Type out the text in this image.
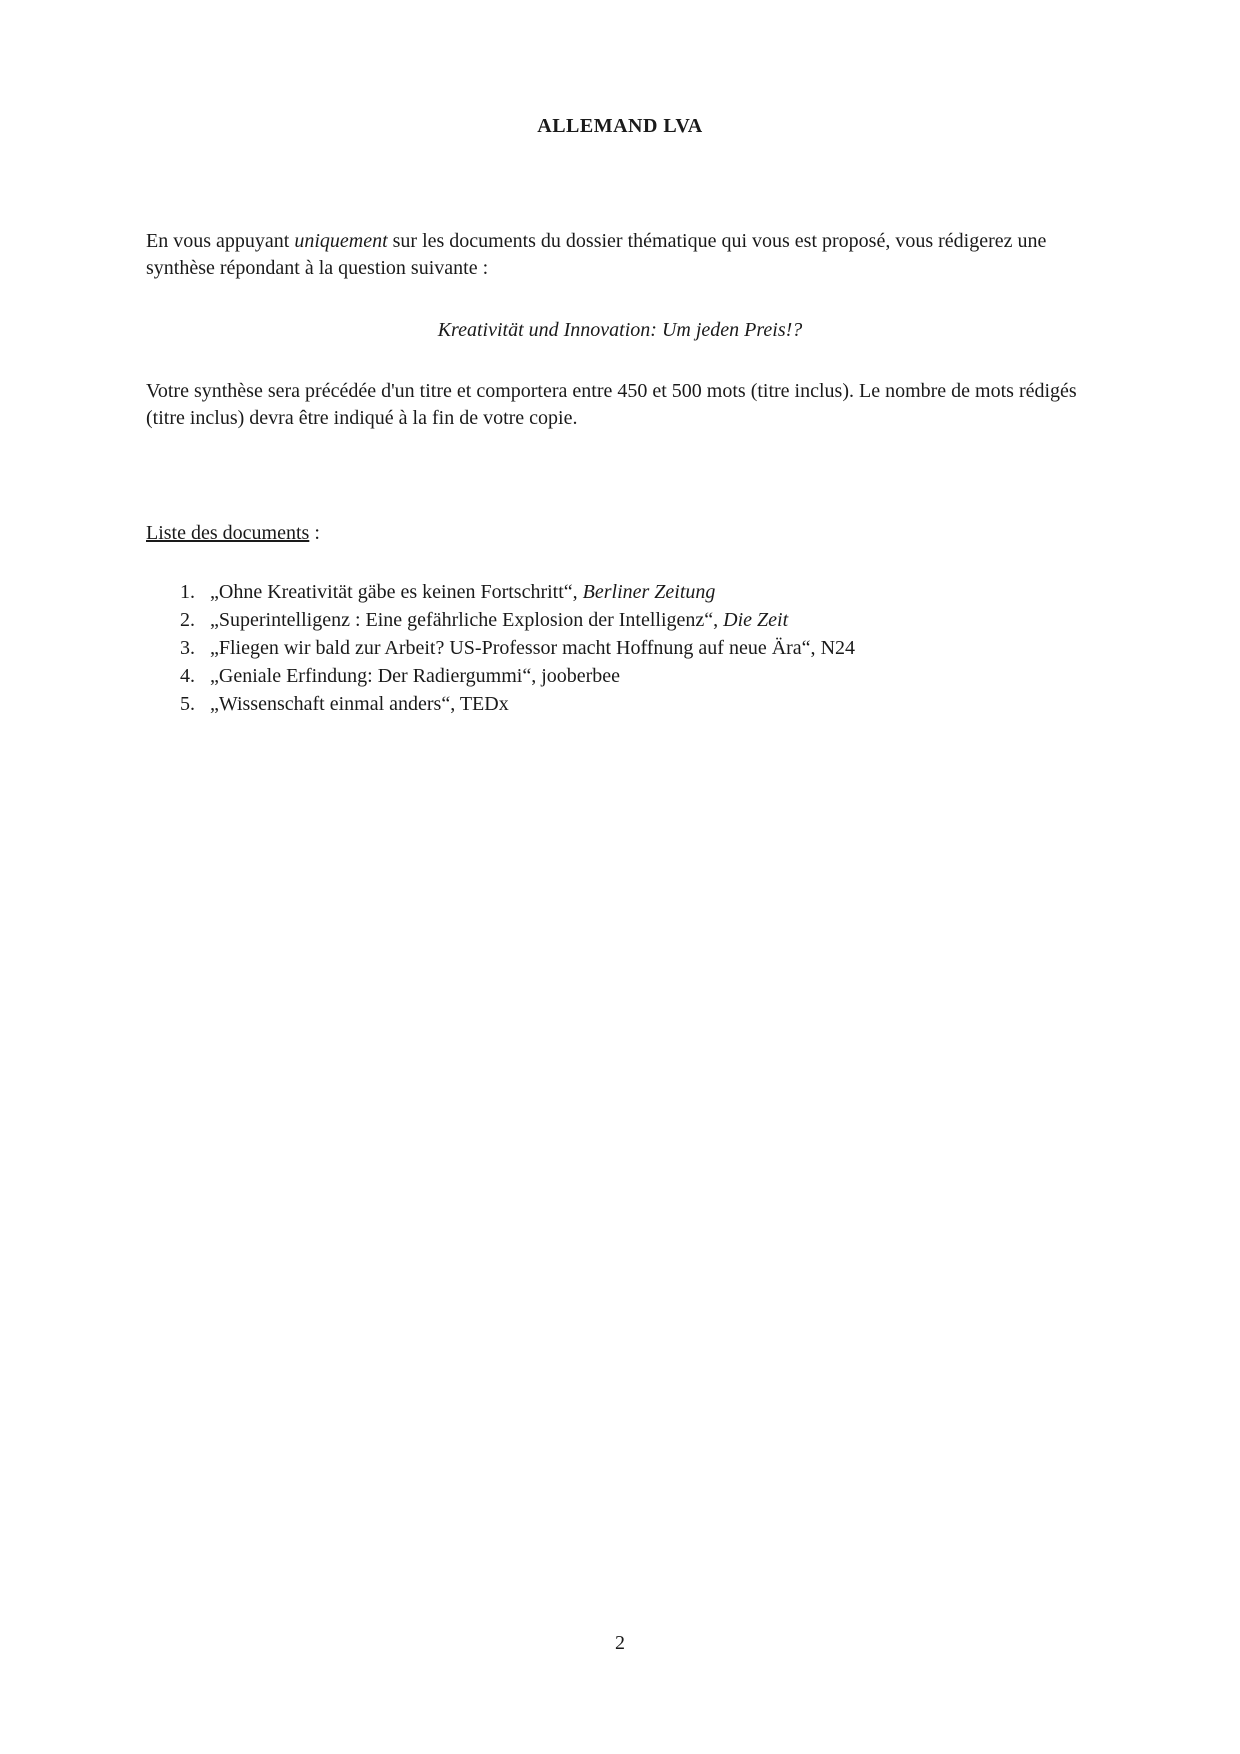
ALLEMAND LVA
En vous appuyant uniquement sur les documents du dossier thématique qui vous est proposé, vous rédigerez une synthèse répondant à la question suivante :
Kreativität und Innovation: Um jeden Preis!?
Votre synthèse sera précédée d'un titre et comportera entre 450 et 500 mots (titre inclus). Le nombre de mots rédigés (titre inclus) devra être indiqué à la fin de votre copie.
Liste des documents :
1. „Ohne Kreativität gäbe es keinen Fortschritt“, Berliner Zeitung
2. „Superintelligenz : Eine gefährliche Explosion der Intelligenz“, Die Zeit
3. „Fliegen wir bald zur Arbeit? US-Professor macht Hoffnung auf neue Ära“, N24
4. „Geniale Erfindung: Der Radiergummi“, jooberbee
5. „Wissenschaft einmal anders“, TEDx
2
